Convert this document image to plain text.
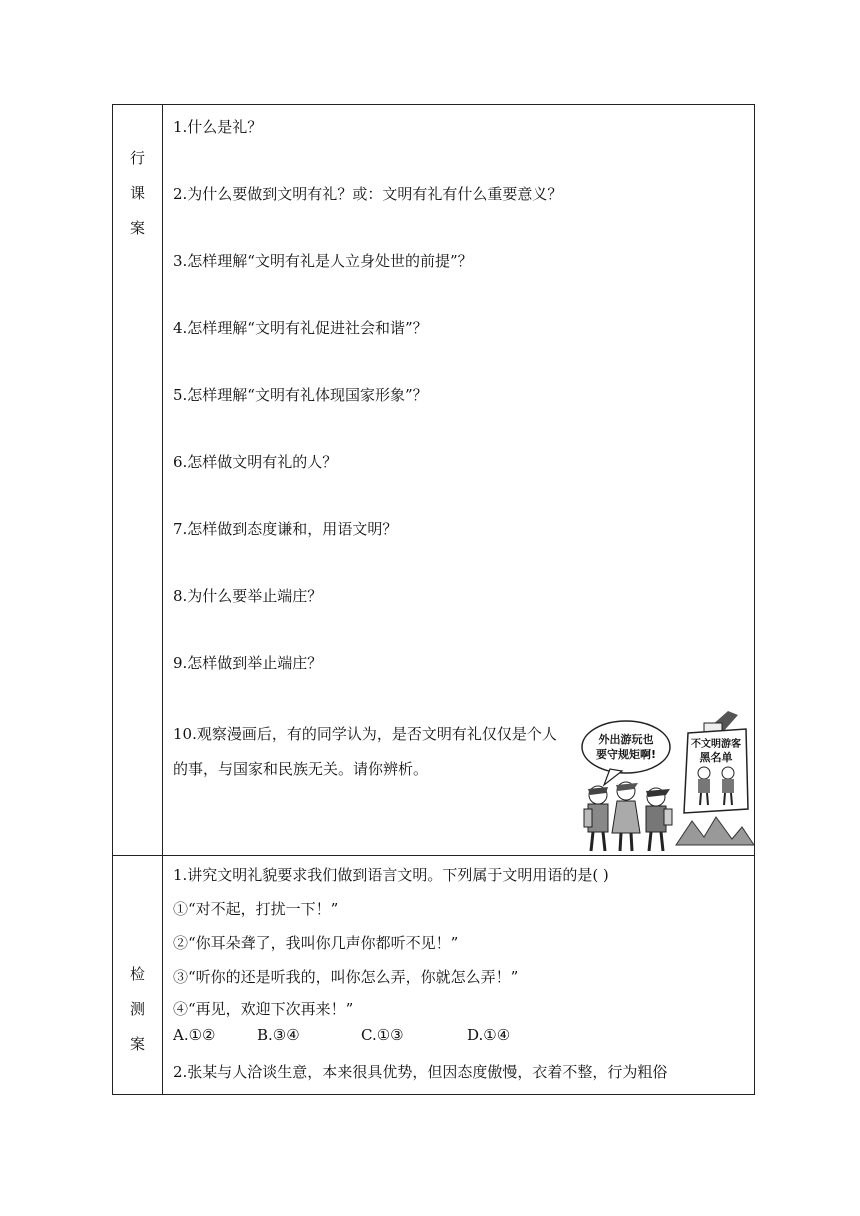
行
课
案
1.什么是礼？
2.为什么要做到文明有礼？或：文明有礼有什么重要意义？
3.怎样理解“文明有礼是人立身处世的前提”？
4.怎样理解“文明有礼促进社会和谐”？
5.怎样理解“文明有礼体现国家形象”？
6.怎样做文明有礼的人？
7.怎样做到态度谦和，用语文明？
8.为什么要举止端庄？
9.怎样做到举止端庄？
10.观察漫画后，有的同学认为，是否文明有礼仅仅是个人的事，与国家和民族无关。请你辨析。
外出游玩也
要守规矩啊!
不文明游客
黑名单
检
测
案
1.讲究文明礼貌要求我们做到语言文明。下列属于文明用语的是( )
①“对不起，打扰一下！”
②“你耳朵聋了，我叫你几声你都听不见！”
③“听你的还是听我的，叫你怎么弄，你就怎么弄！”
④“再见，欢迎下次再来！”
A.①②	B.③④	C.①③	D.①④
2.张某与人洽谈生意，本来很具优势，但因态度傲慢，衣着不整，行为粗俗
